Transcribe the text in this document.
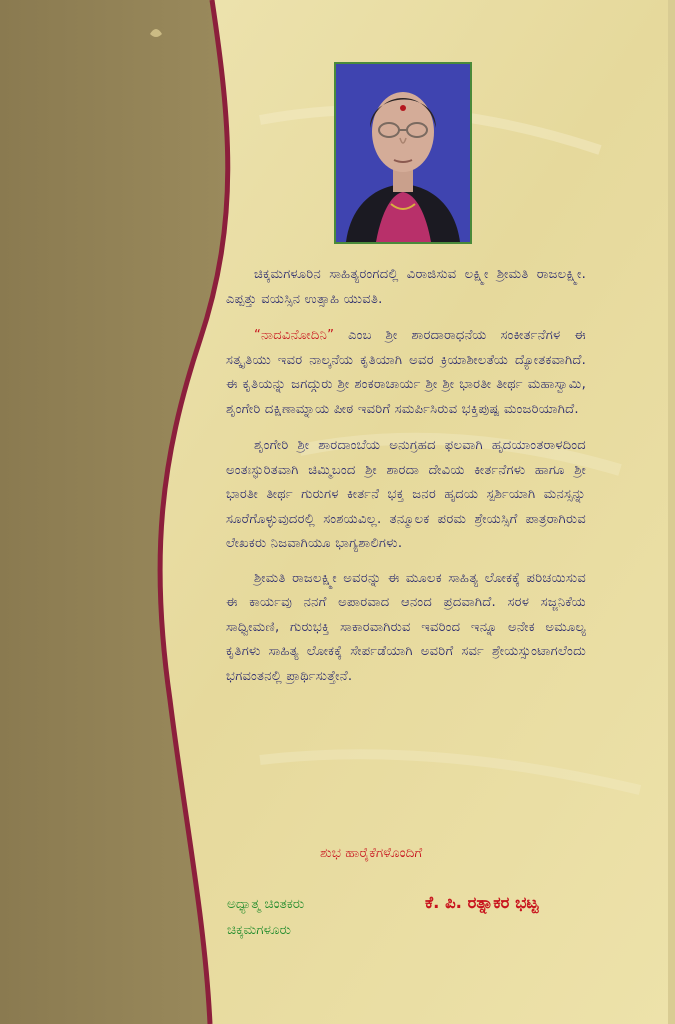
ಚಿಕ್ಕಮಗಳೂರಿನ ಸಾಹಿತ್ಯರಂಗದಲ್ಲಿ ವಿರಾಜಿಸುವ ಲಕ್ಷ್ಮೀ ಶ್ರೀಮತಿ ರಾಜಲಕ್ಷ್ಮೀ. ಎಪ್ಪತ್ತು ವಯಸ್ಸಿನ ಉತ್ಸಾಹಿ ಯುವತಿ.

“ನಾದವಿನೋದಿನಿ” ಎಂಬ ಶ್ರೀ ಶಾರದಾರಾಧನೆಯ ಸಂಕೀರ್ತನೆಗಳ ಈ ಸತ್ಕೃತಿಯು ಇವರ ನಾಲ್ಕನೆಯ ಕೃತಿಯಾಗಿ ಅವರ ಕ್ರಿಯಾಶೀಲತೆಯ ದ್ಯೋತಕವಾಗಿದೆ. ಈ ಕೃತಿಯನ್ನು ಜಗದ್ಗುರು ಶ್ರೀ ಶಂಕರಾಚಾರ್ಯ ಶ್ರೀ ಶ್ರೀ ಭಾರತೀ ತೀರ್ಥ ಮಹಾಸ್ವಾಮಿ, ಶೃಂಗೇರಿ ದಕ್ಷಿಣಾಮ್ನಾಯ ಪೀಠ ಇವರಿಗೆ ಸಮರ್ಪಿಸಿರುವ ಭಕ್ತಿಪುಷ್ಪ ಮಂಜರಿಯಾಗಿದೆ.

ಶೃಂಗೇರಿ ಶ್ರೀ ಶಾರದಾಂಬೆಯ ಅನುಗ್ರಹದ ಫಲವಾಗಿ ಹೃದಯಾಂತರಾಳದಿಂದ ಅಂತಃಸ್ಫುರಿತವಾಗಿ ಚಿಮ್ಮಿಬಂದ ಶ್ರೀ ಶಾರದಾ ದೇವಿಯ ಕೀರ್ತನೆಗಳು ಹಾಗೂ ಶ್ರೀ ಭಾರತೀ ತೀರ್ಥ ಗುರುಗಳ ಕೀರ್ತನೆ ಭಕ್ತ ಜನರ ಹೃದಯ ಸ್ಪರ್ಶಿಯಾಗಿ ಮನಸ್ಸನ್ನು ಸೂರೆಗೊಳ್ಳುವುದರಲ್ಲಿ ಸಂಶಯವಿಲ್ಲ. ತನ್ಮೂಲಕ ಪರಮ ಶ್ರೇಯಸ್ಸಿಗೆ ಪಾತ್ರರಾಗಿರುವ ಲೇಖಕರು ನಿಜವಾಗಿಯೂ ಭಾಗ್ಯಶಾಲಿಗಳು.

ಶ್ರೀಮತಿ ರಾಜಲಕ್ಷ್ಮೀ ಅವರನ್ನು ಈ ಮೂಲಕ ಸಾಹಿತ್ಯ ಲೋಕಕ್ಕೆ ಪರಿಚಯಿಸುವ ಈ ಕಾರ್ಯವು ನನಗೆ ಅಪಾರವಾದ ಆನಂದ ಪ್ರದವಾಗಿದೆ. ಸರಳ ಸಜ್ಜನಿಕೆಯ ಸಾಧ್ವೀಮಣಿ, ಗುರುಭಕ್ತಿ ಸಾಕಾರವಾಗಿರುವ ಇವರಿಂದ ಇನ್ನೂ ಅನೇಕ ಅಮೂಲ್ಯ ಕೃತಿಗಳು ಸಾಹಿತ್ಯ ಲೋಕಕ್ಕೆ ಸೇರ್ಪಡೆಯಾಗಿ ಅವರಿಗೆ ಸರ್ವ ಶ್ರೇಯಸ್ಸುಂಟಾಗಲೆಂದು ಭಗವಂತನಲ್ಲಿ ಪ್ರಾರ್ಥಿಸುತ್ತೇನೆ.

ಶುಭ ಹಾರೈಕೆಗಳೊಂದಿಗೆ
ಅಧ್ಯಾತ್ಮ ಚಿಂತಕರು
ಚಿಕ್ಕಮಗಳೂರು
ಕೆ. ಪಿ. ರತ್ನಾಕರ ಭಟ್ಟ
